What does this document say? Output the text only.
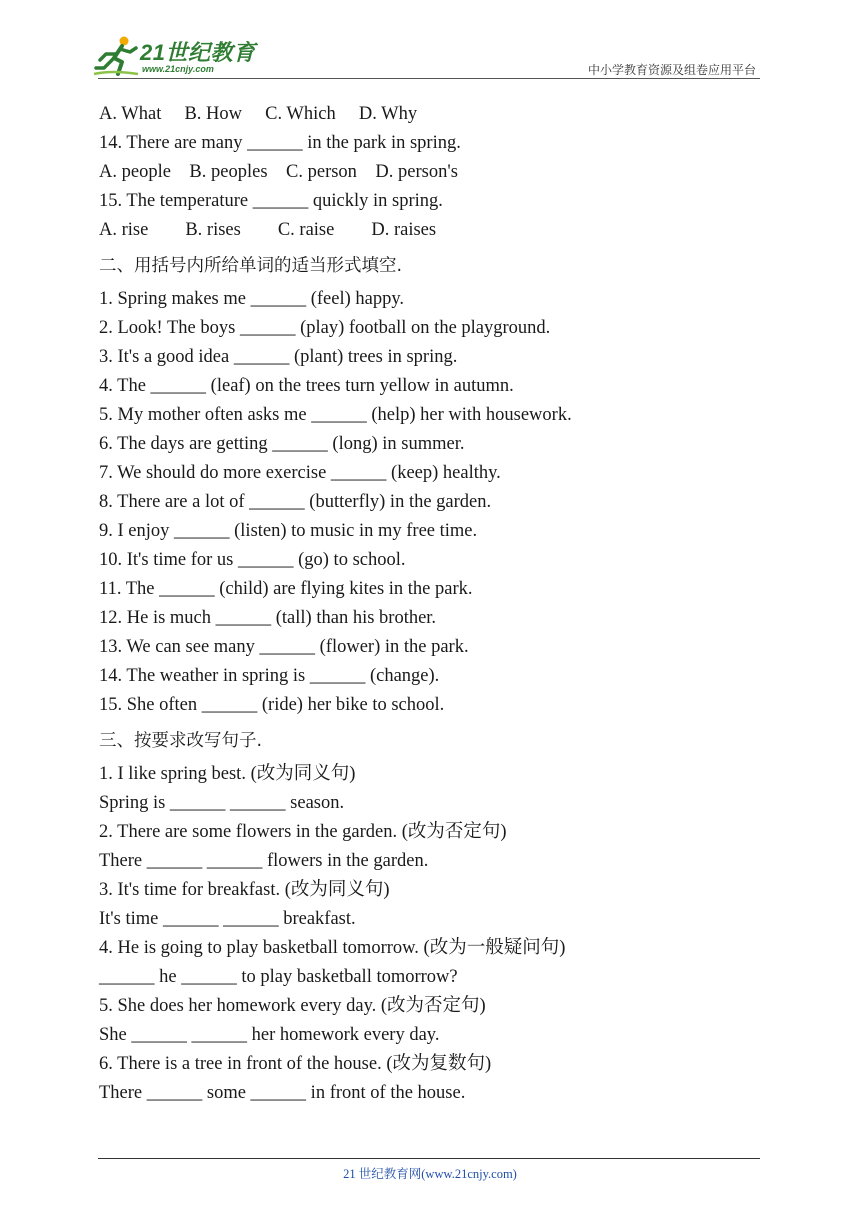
21世纪教育
www.21cnjy.com	中小学教育资源及组卷应用平台
A. What     B. How     C. Which     D. Why
14. There are many ______ in the park in spring.
A. people    B. peoples    C. person    D. person's
15. The temperature ______ quickly in spring.
A. rise        B. rises        C. raise        D. raises
二、用括号内所给单词的适当形式填空.
1. Spring makes me ______ (feel) happy.
2. Look! The boys ______ (play) football on the playground.
3. It's a good idea ______ (plant) trees in spring.
4. The ______ (leaf) on the trees turn yellow in autumn.
5. My mother often asks me ______ (help) her with housework.
6. The days are getting ______ (long) in summer.
7. We should do more exercise ______ (keep) healthy.
8. There are a lot of ______ (butterfly) in the garden.
9. I enjoy ______ (listen) to music in my free time.
10. It's time for us ______ (go) to school.
11. The ______ (child) are flying kites in the park.
12. He is much ______ (tall) than his brother.
13. We can see many ______ (flower) in the park.
14. The weather in spring is ______ (change).
15. She often ______ (ride) her bike to school.
三、按要求改写句子.
1. I like spring best. (改为同义句)
Spring is ______ ______ season.
2. There are some flowers in the garden. (改为否定句)
There ______ ______ flowers in the garden.
3. It's time for breakfast. (改为同义句)
It's time ______ ______ breakfast.
4. He is going to play basketball tomorrow. (改为一般疑问句)
______ he ______ to play basketball tomorrow?
5. She does her homework every day. (改为否定句)
She ______ ______ her homework every day.
6. There is a tree in front of the house. (改为复数句)
There ______ some ______ in front of the house.
21 世纪教育网(www.21cnjy.com)
